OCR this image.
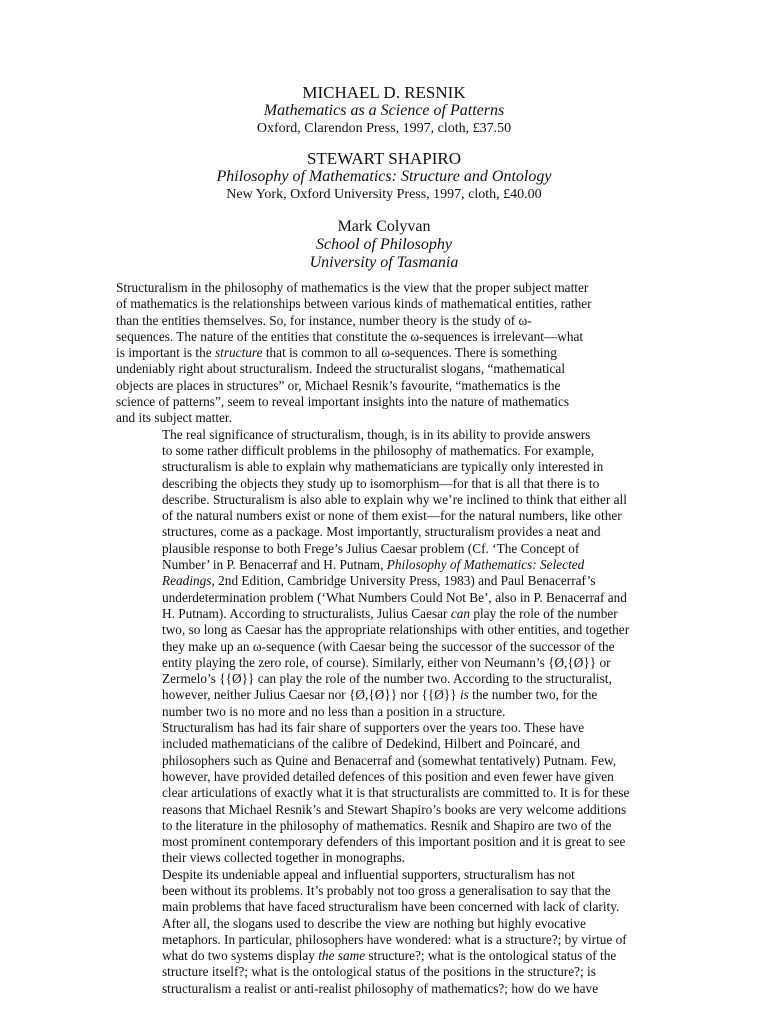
MICHAEL D. RESNIK
Mathematics as a Science of Patterns
Oxford, Clarendon Press, 1997, cloth, £37.50
STEWART SHAPIRO
Philosophy of Mathematics: Structure and Ontology
New York, Oxford University Press, 1997, cloth, £40.00
Mark Colyvan
School of Philosophy
University of Tasmania

Structuralism in the philosophy of mathematics is the view that the proper subject matter
of mathematics is the relationships between various kinds of mathematical entities, rather
than the entities themselves. So, for instance, number theory is the study of ω-
sequences. The nature of the entities that constitute the ω-sequences is irrelevant—what
is important is the structure that is common to all ω-sequences. There is something
undeniably right about structuralism. Indeed the structuralist slogans, “mathematical
objects are places in structures” or, Michael Resnik’s favourite, “mathematics is the
science of patterns”, seem to reveal important insights into the nature of mathematics
and its subject matter.

The real significance of structuralism, though, is in its ability to provide answers
to some rather difficult problems in the philosophy of mathematics. For example,
structuralism is able to explain why mathematicians are typically only interested in
describing the objects they study up to isomorphism—for that is all that there is to
describe. Structuralism is also able to explain why we’re inclined to think that either all
of the natural numbers exist or none of them exist—for the natural numbers, like other
structures, come as a package. Most importantly, structuralism provides a neat and
plausible response to both Frege’s Julius Caesar problem (Cf. ‘The Concept of
Number’ in P. Benacerraf and H. Putnam, Philosophy of Mathematics: Selected
Readings, 2nd Edition, Cambridge University Press, 1983) and Paul Benacerraf’s
underdetermination problem (‘What Numbers Could Not Be’, also in P. Benacerraf and
H. Putnam). According to structuralists, Julius Caesar can play the role of the number
two, so long as Caesar has the appropriate relationships with other entities, and together
they make up an ω-sequence (with Caesar being the successor of the successor of the
entity playing the zero role, of course). Similarly, either von Neumann’s {Ø,{Ø}} or
Zermelo’s {{Ø}} can play the role of the number two. According to the structuralist,
however, neither Julius Caesar nor {Ø,{Ø}} nor {{Ø}} is the number two, for the
number two is no more and no less than a position in a structure.

Structuralism has had its fair share of supporters over the years too. These have
included mathematicians of the calibre of Dedekind, Hilbert and Poincaré, and
philosophers such as Quine and Benacerraf and (somewhat tentatively) Putnam. Few,
however, have provided detailed defences of this position and even fewer have given
clear articulations of exactly what it is that structuralists are committed to. It is for these
reasons that Michael Resnik’s and Stewart Shapiro’s books are very welcome additions
to the literature in the philosophy of mathematics. Resnik and Shapiro are two of the
most prominent contemporary defenders of this important position and it is great to see
their views collected together in monographs.

Despite its undeniable appeal and influential supporters, structuralism has not
been without its problems. It’s probably not too gross a generalisation to say that the
main problems that have faced structuralism have been concerned with lack of clarity.
After all, the slogans used to describe the view are nothing but highly evocative
metaphors. In particular, philosophers have wondered: what is a structure?; by virtue of
what do two systems display the same structure?; what is the ontological status of the
structure itself?; what is the ontological status of the positions in the structure?; is
structuralism a realist or anti-realist philosophy of mathematics?; how do we have
